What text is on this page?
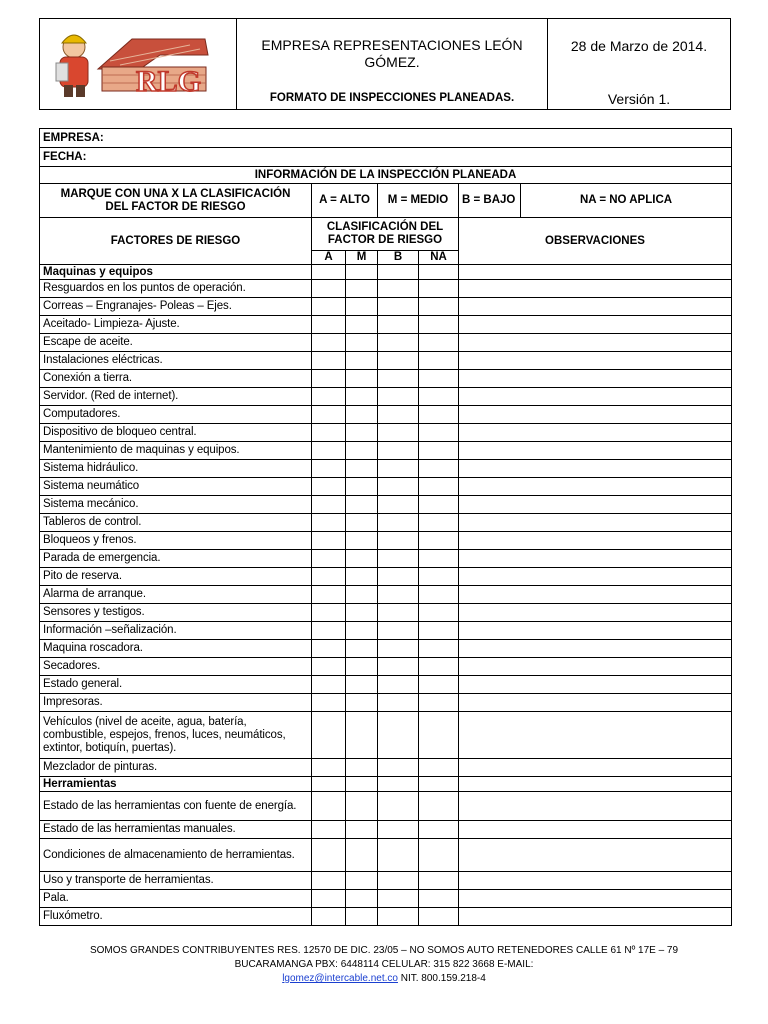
RLG
EMPRESA REPRESENTACIONES LEÓN GÓMEZ.
FORMATO DE INSPECCIONES PLANEADAS.
28 de Marzo de 2014.
Versión 1.
EMPRESA:						
FECHA:						
INFORMACIÓN DE LA INSPECCIÓN PLANEADA						
MARQUE CON UNA X LA CLASIFICACIÓN DEL FACTOR DE RIESGO	A = ALTO		M = MEDIO		B = BAJO	NA = NO APLICA
FACTORES DE RIESGO	CLASIFICACIÓN DEL FACTOR DE RIESGO				OBSERVACIONES	
	A	M	B	NA		
Maquinas y equipos						
Resguardos en los puntos de operación.						
Correas – Engranajes- Poleas – Ejes.						
Aceitado- Limpieza- Ajuste.						
Escape de aceite.						
Instalaciones eléctricas.						
Conexión a tierra.						
Servidor. (Red de internet).						
Computadores.						
Dispositivo de bloqueo central.						
Mantenimiento de maquinas y equipos.						
Sistema hidráulico.						
Sistema neumático						
Sistema mecánico.						
Tableros de control.						
Bloqueos y frenos.						
Parada de emergencia.						
Pito de reserva.						
Alarma de arranque.						
Sensores y testigos.						
Información –señalización.						
Maquina roscadora.						
Secadores.						
Estado general.						
Impresoras.						
Vehículos (nivel de aceite, agua, batería, combustible, espejos, frenos, luces, neumáticos, extintor, botiquín, puertas).						
Mezclador de pinturas.						
Herramientas						
Estado de las herramientas con fuente de energía.						
Estado de las herramientas manuales.						
Condiciones de almacenamiento de herramientas.						
Uso y transporte de herramientas.						
Pala.						
Fluxómetro.						
SOMOS GRANDES CONTRIBUYENTES RES. 12570 DE DIC. 23/05 – NO SOMOS AUTO RETENEDORES CALLE 61 Nº 17E – 79
BUCARAMANGA PBX: 6448114 CELULAR: 315 822 3668 E-MAIL:
lgomez@intercable.net.co NIT. 800.159.218-4
